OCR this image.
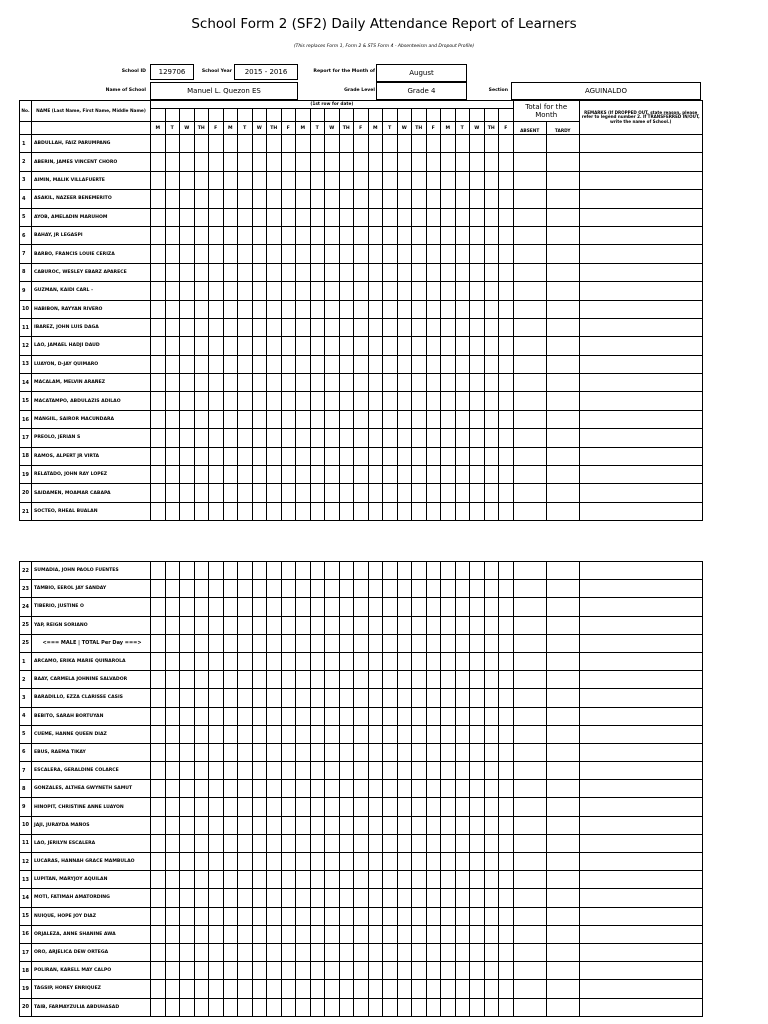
School Form 2 (SF2) Daily Attendance Report of Learners
(This replaces Form 1, Form 2 & STS Form 4 - Absenteeism and Dropout Profile)
School ID	129706	School Year	2015 - 2016	Report for the Month of	August
Name of School	Manuel L. Quezon ES	Grade Level	Grade 4	Section	AGUINALDO
No.	NAME (Last Name, First Name, Middle Name)	(1st row for date)																									Total for the Month		REMARKS (If DROPPED OUT, state reason, please refer to legend number 2. If TRANSFERRED IN/OUT, write the name of School.)

		M	T	W	TH	F	M	T	W	TH	F	M	T	W	TH	F	M	T	W	TH	F	M	T	W	TH	F	ABSENT	TARDY	
1	ABDULLAH, FAIZ PARUMPANG																												
2	ABERIN, JAMES VINCENT CHORO																												
3	AIMIN, MALIK VILLAFUERTE																												
4	ASAKIL, NAZEER BENEMERITO																												
5	AYOB, AMELADIN MARUHOM																												
6	BAHAY, JR LEGASPI																												
7	BARBO, FRANCIS LOUIE CERIZA																												
8	CABUROC, WESLEY EBARZ APARECE																												
9	GUZMAN, KAIDI CARL -																												
10	HABIBON, RAYYAN RIVERO																												
11	IBAREZ, JOHN LUIS DAGA																												
12	LAO, JAMAEL HADJI DAUD																												
13	LUAYON, D-JAY QUIMARO																												
14	MACALAM, MELVIN ARAÑEZ																												
15	MACATAMPO, ABDULAZIS ADILAO																												
16	MANGIIL, SAIROR MACUNDARA																												
17	PREOLO, JERIAN S																												
18	RAMOS, ALPERT JR VIRTA																												
19	RELATADO, JOHN RAY LOPEZ																												
20	SAIDAMEN, MOAMAR CABAPA																												
21	SOCTEO, RHEAL BUALAN																												
22	SUMADIA, JOHN PAOLO FUENTES																												
23	TAMBIO, EEROL JAY SANDAY																												
24	TIBERIO, JUSTINE O																												
25	YAP, REIGN SORIANO																												
25	<=== MALE | TOTAL Per Day ===>																												
1	ARCAMO, ERIKA MARIE QUIÑAROLA																												
2	BAAY, CARMELA JOHNINE SALVADOR																												
3	BARADILLO, EZZA CLARISSE CASIS																												
4	BEBITO, SARAH BORTUYAN																												
5	CUEME, HANNE QUEEN DIAZ																												
6	EBUS, RAEMA TIKAY																												
7	ESCALERA, GERALDINE COLARCE																												
8	GONZALES, ALTHEA GWYNETH SAMUT																												
9	HINOPIT, CHRISTINE ANNE LUAYON																												
10	JAJI, JURAYDA MAÑOS																												
11	LAO, JERILYN ESCALERA																												
12	LUCARAS, HANNAH GRACE MAMBULAO																												
13	LUPITAN, MARYJOY AQUILAN																												
14	MOTI, FATIMAH AMATORDING																												
15	NUIQUE, HOPE JOY DIAZ																												
16	ORJALEZA, ANNE SHANINE AWA																												
17	ORO, ARJELICA DEW ORTEGA																												
18	POLIRAN, KARELL MAY CALPO																												
19	TAGSIP, HONEY ENRIQUEZ																												
20	TAIB, FARMAYZULIA ABDUHASAD																												
